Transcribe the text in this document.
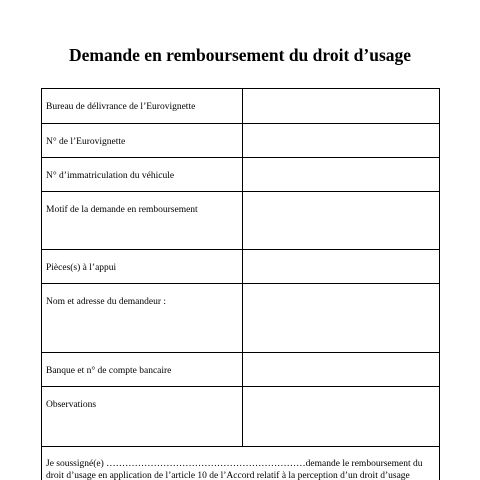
Demande en remboursement du droit d’usage
Bureau de délivrance de l’Eurovignette	
N° de l’Eurovignette	
N° d’immatriculation du véhicule	
Motif de la demande en remboursement	
Pièces(s) à l’appui	
Nom et adresse du demandeur :	
Banque et n° de compte bancaire	
Observations	

Je soussigné(e) ………………………………………………………demande le remboursement du
droit d’usage en application de l’article 10 de l’Accord relatif à la perception d’un droit d’usage	
